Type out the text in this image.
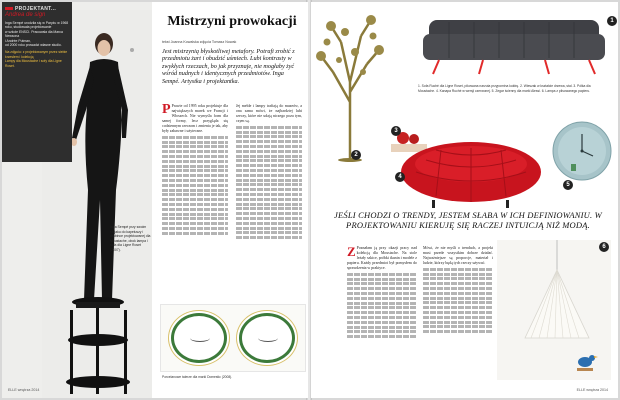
PROJEKTANT...
Andrea de sign
Inga Sempé urodziła się w Paryżu w 1968 roku, studiowała projektowanie
w szkole ENSCI. Pracowała dla Marca Newsona
i Andrée Putman,
od 2000 roku prowadzi własne studio.
Na zdjęciu: z projektowanym przez siebie krzesłem i kolekcją
Lampy dla Moustache i sofy dla Ligne Roset.
Inga Sempé przy swoim stojaku do kapeluszy i drabince projektowanej dla Moustache, obok lampa i sofa dla Ligne Roset (2007).
Mistrzyni prowokacji
tekst Joanna Kowalska zdjęcia Tomasz Nowak
Jest mistrzynią błyskotliwej metafory. Potrafi zrobić z przedmiotu żart i obudzić uśmiech. Lubi kontrasty w zwykłych rzeczach, bo jak przyznaje, nie mogłaby żyć wśród nudnych i identycznych przedmiotów. Inga Sempé. Artystka i projektantka.
P Prawie od 1995 roku projektuje dla największych marek we Francji i Włoszech. Nie wymyśla form dla samej formy, lecz przygląda się codziennym rzeczom i zmienia je tak, aby były zabawne i użyteczne.
Jej meble i lampy trafiają do muzeów, a ona sama mówi, że najbardziej lubi rzeczy, które nie udają niczego poza tym, czym są.
Porcelanowe talerze dla marki Domestic (2008).
ELLE wnętrza 2014
2
1
1. Sofa Ruché dla Ligne Roset, pikowana narzuta przypomina kołdrę. 2. Wieszak w kształcie drzewa, stal. 3. Półka dla Moustache. 4. Kanapa Ruché w wersji czerwonej. 5. Zegar ścienny dla marki Alessi. 6. Lampa z plisowanego papieru.
3
4
5
JEŚLI CHODZI O TRENDY, JESTEM SŁABA W ICH DEFINIOWANIU. W PROJEKTOWANIU KIERUJĘ SIĘ RACZEJ INTUICJĄ NIŻ MODĄ.
Z Poznałam ją przy okazji pracy nad kolekcją dla Moustache. Na stole leżały szkice, próbki tkanin i modele z papieru. Każdy przedmiot był pomysłem do sprawdzenia w praktyce.
Mówi, że nie myśli o trendach, a projekt musi przede wszystkim dobrze działać. Najważniejsze są proporcje, materiał i ludzie, którzy będą tych rzeczy używać.
6
ELLE wnętrza 2014
